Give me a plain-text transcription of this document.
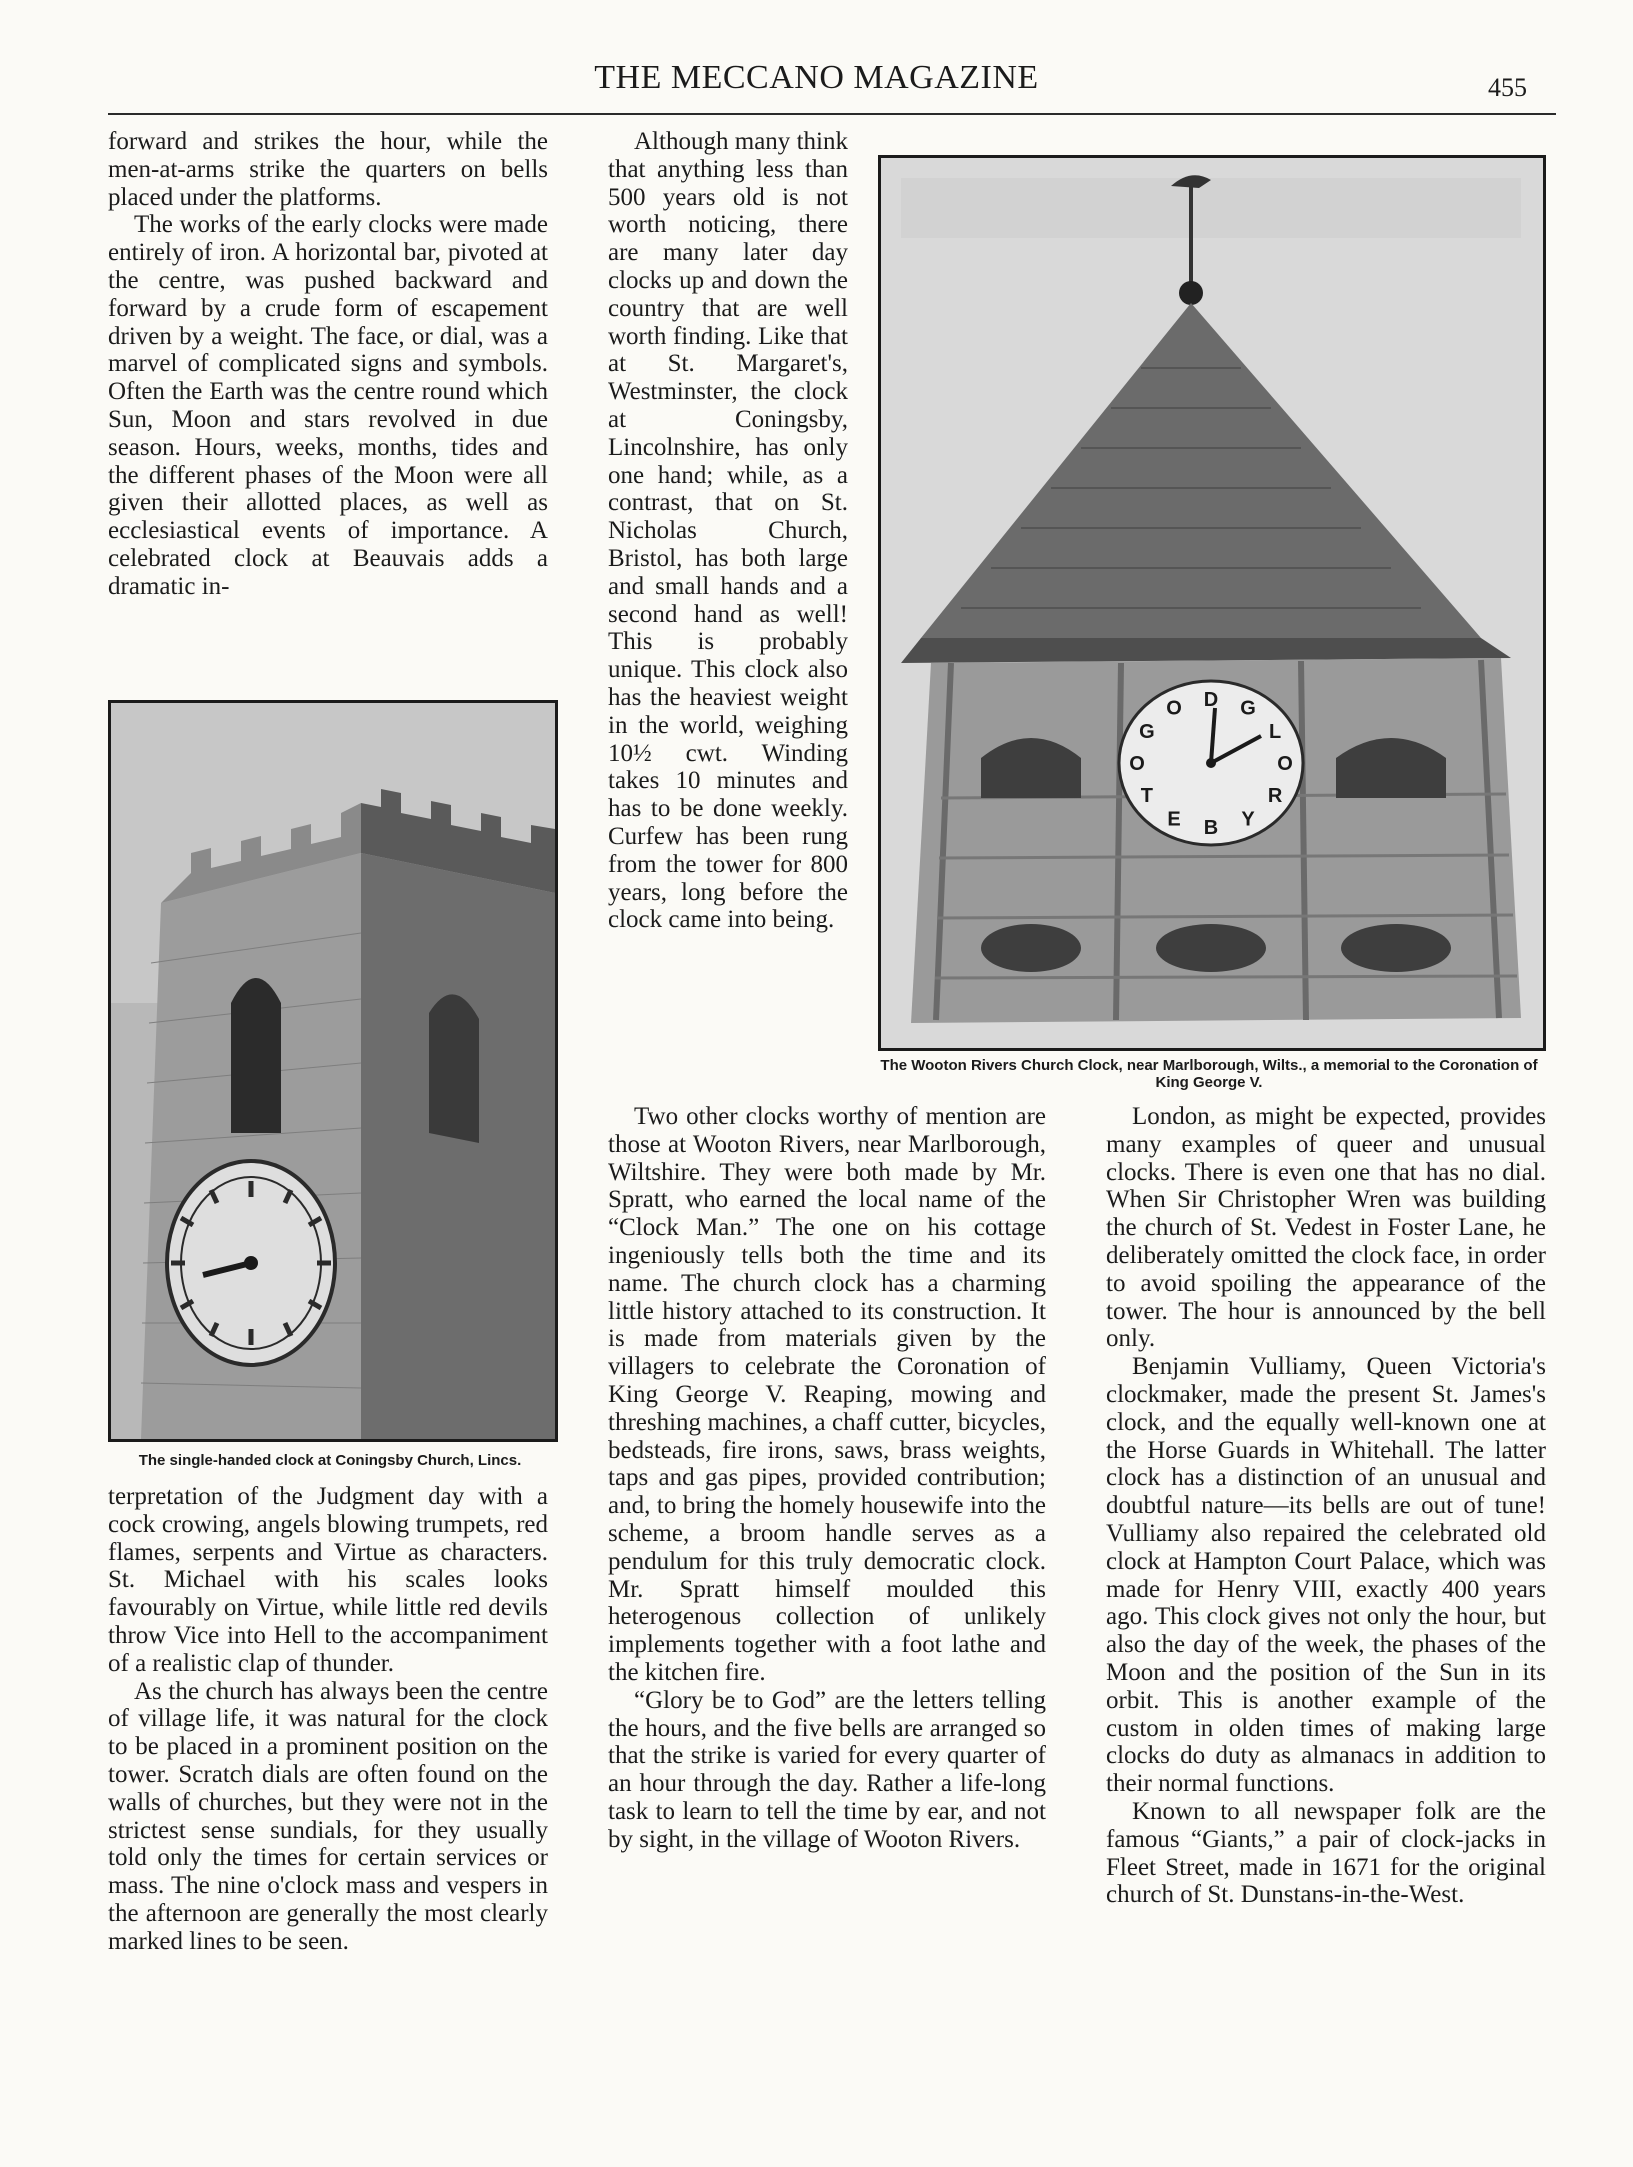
THE MECCANO MAGAZINE	455

forward and strikes the hour, while the men-at-arms strike the quarters on bells placed under the platforms.

The works of the early clocks were made entirely of iron. A horizontal bar, pivoted at the centre, was pushed backward and forward by a crude form of escapement driven by a weight. The face, or dial, was a marvel of complicated signs and symbols. Often the Earth was the centre round which Sun, Moon and stars revolved in due season. Hours, weeks, months, tides and the different phases of the Moon were all given their allotted places, as well as ecclesiastical events of importance. A celebrated clock at Beauvais adds a dramatic in-

The single-handed clock at Coningsby Church, Lincs.

terpretation of the Judgment day with a cock crowing, angels blowing trumpets, red flames, serpents and Virtue as characters. St. Michael with his scales looks favourably on Virtue, while little red devils throw Vice into Hell to the accompaniment of a realistic clap of thunder.

As the church has always been the centre of village life, it was natural for the clock to be placed in a prominent position on the tower. Scratch dials are often found on the walls of churches, but they were not in the strictest sense sundials, for they usually told only the times for certain services or mass. The nine o'clock mass and vespers in the afternoon are generally the most clearly marked lines to be seen.

Although many think that anything less than 500 years old is not worth noticing, there are many later day clocks up and down the country that are well worth finding. Like that at St. Margaret's, Westminster, the clock at Coningsby, Lincolnshire, has only one hand; while, as a contrast, that on St. Nicholas Church, Bristol, has both large and small hands and a second hand as well! This is probably unique. This clock also has the heaviest weight in the world, weighing 10½ cwt. Winding takes 10 minutes and has to be done weekly. Curfew has been rung from the tower for 800 years, long before the clock came into being.

G
L
O
R
Y
B
E
T
O
G
O D
The Wooton Rivers Church Clock, near Marlborough, Wilts., a memorial to the Coronation of King George V.

Two other clocks worthy of mention are those at Wooton Rivers, near Marlborough, Wiltshire. They were both made by Mr. Spratt, who earned the local name of the “Clock Man.” The one on his cottage ingeniously tells both the time and its name. The church clock has a charming little history attached to its construction. It is made from materials given by the villagers to celebrate the Coronation of King George V. Reaping, mowing and threshing machines, a chaff cutter, bicycles, bedsteads, fire irons, saws, brass weights, taps and gas pipes, provided contribution; and, to bring the homely housewife into the scheme, a broom handle serves as a pendulum for this truly democratic clock. Mr. Spratt himself moulded this heterogenous collection of unlikely implements together with a foot lathe and the kitchen fire.

“Glory be to God” are the letters telling the hours, and the five bells are arranged so that the strike is varied for every quarter of an hour through the day. Rather a life-long task to learn to tell the time by ear, and not by sight, in the village of Wooton Rivers.

London, as might be expected, provides many examples of queer and unusual clocks. There is even one that has no dial. When Sir Christopher Wren was building the church of St. Vedest in Foster Lane, he deliberately omitted the clock face, in order to avoid spoiling the appearance of the tower. The hour is announced by the bell only.

Benjamin Vulliamy, Queen Victoria's clockmaker, made the present St. James's clock, and the equally well-known one at the Horse Guards in Whitehall. The latter clock has a distinction of an unusual and doubtful nature—its bells are out of tune! Vulliamy also repaired the celebrated old clock at Hampton Court Palace, which was made for Henry VIII, exactly 400 years ago. This clock gives not only the hour, but also the day of the week, the phases of the Moon and the position of the Sun in its orbit. This is another example of the custom in olden times of making large clocks do duty as almanacs in addition to their normal functions.

Known to all newspaper folk are the famous “Giants,” a pair of clock-jacks in Fleet Street, made in 1671 for the original church of St. Dunstans-in-the-West.
